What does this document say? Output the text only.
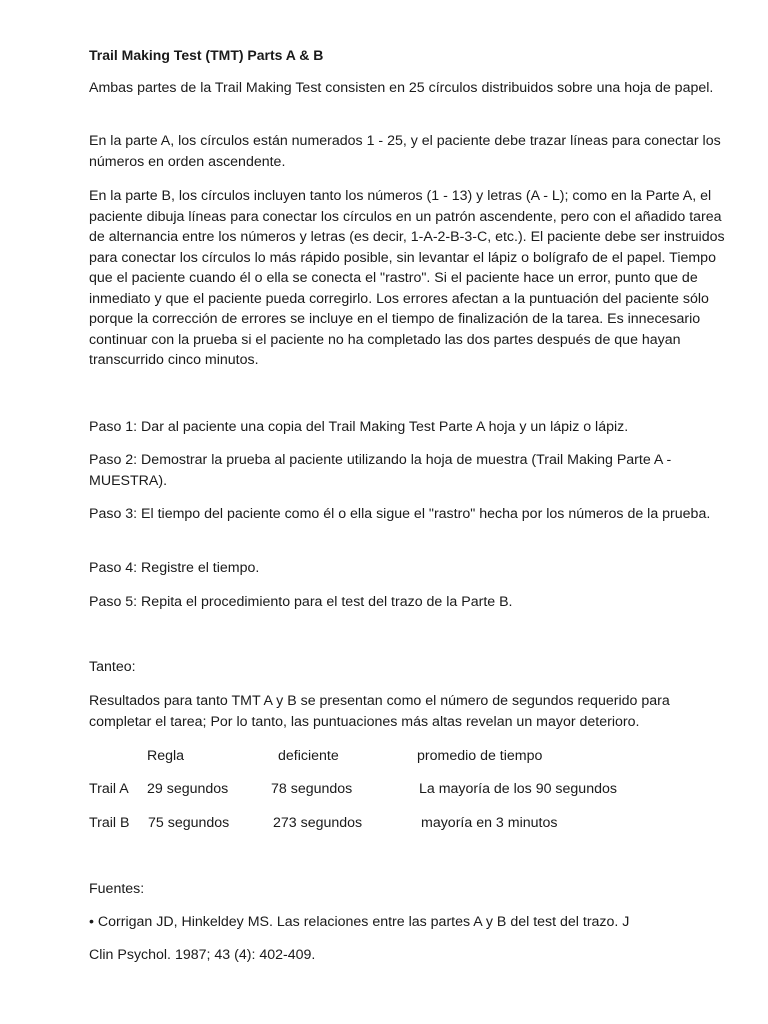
Trail Making Test (TMT) Parts A & B

Ambas partes de la Trail Making Test consisten en 25 círculos distribuidos sobre una hoja de papel.

En la parte A, los círculos están numerados 1 - 25, y el paciente debe trazar líneas para conectar los números en orden ascendente.

En la parte B, los círculos incluyen tanto los números (1 - 13) y letras (A - L); como en la Parte A, el paciente dibuja líneas para conectar los círculos en un patrón ascendente, pero con el añadido tarea de alternancia entre los números y letras (es decir, 1-A-2-B-3-C, etc.). El paciente debe ser instruidos para conectar los círculos lo más rápido posible, sin levantar el lápiz o bolígrafo de el papel. Tiempo que el paciente cuando él o ella se conecta el "rastro". Si el paciente hace un error, punto que de inmediato y que el paciente pueda corregirlo. Los errores afectan a la puntuación del paciente sólo porque la corrección de errores se incluye en el tiempo de finalización de la tarea. Es innecesario continuar con la prueba si el paciente no ha completado las dos partes después de que hayan transcurrido cinco minutos.

Paso 1: Dar al paciente una copia del Trail Making Test Parte A hoja y un lápiz o lápiz.

Paso 2: Demostrar la prueba al paciente utilizando la hoja de muestra (Trail Making Parte A - MUESTRA).

Paso 3: El tiempo del paciente como él o ella sigue el "rastro" hecha por los números de la prueba.

Paso 4: Registre el tiempo.

Paso 5: Repita el procedimiento para el test del trazo de la Parte B.

Tanteo:

Resultados para tanto TMT A y B se presentan como el número de segundos requerido para completar el tarea; Por lo tanto, las puntuaciones más altas revelan un mayor deterioro.

Regla	deficiente	promedio de tiempo
Trail A 29 segundos	78 segundos	La mayoría de los 90 segundos
Trail B 75 segundos	273 segundos	mayoría en 3 minutos

Fuentes:

• Corrigan JD, Hinkeldey MS. Las relaciones entre las partes A y B del test del trazo. J

Clin Psychol. 1987; 43 (4): 402-409.
